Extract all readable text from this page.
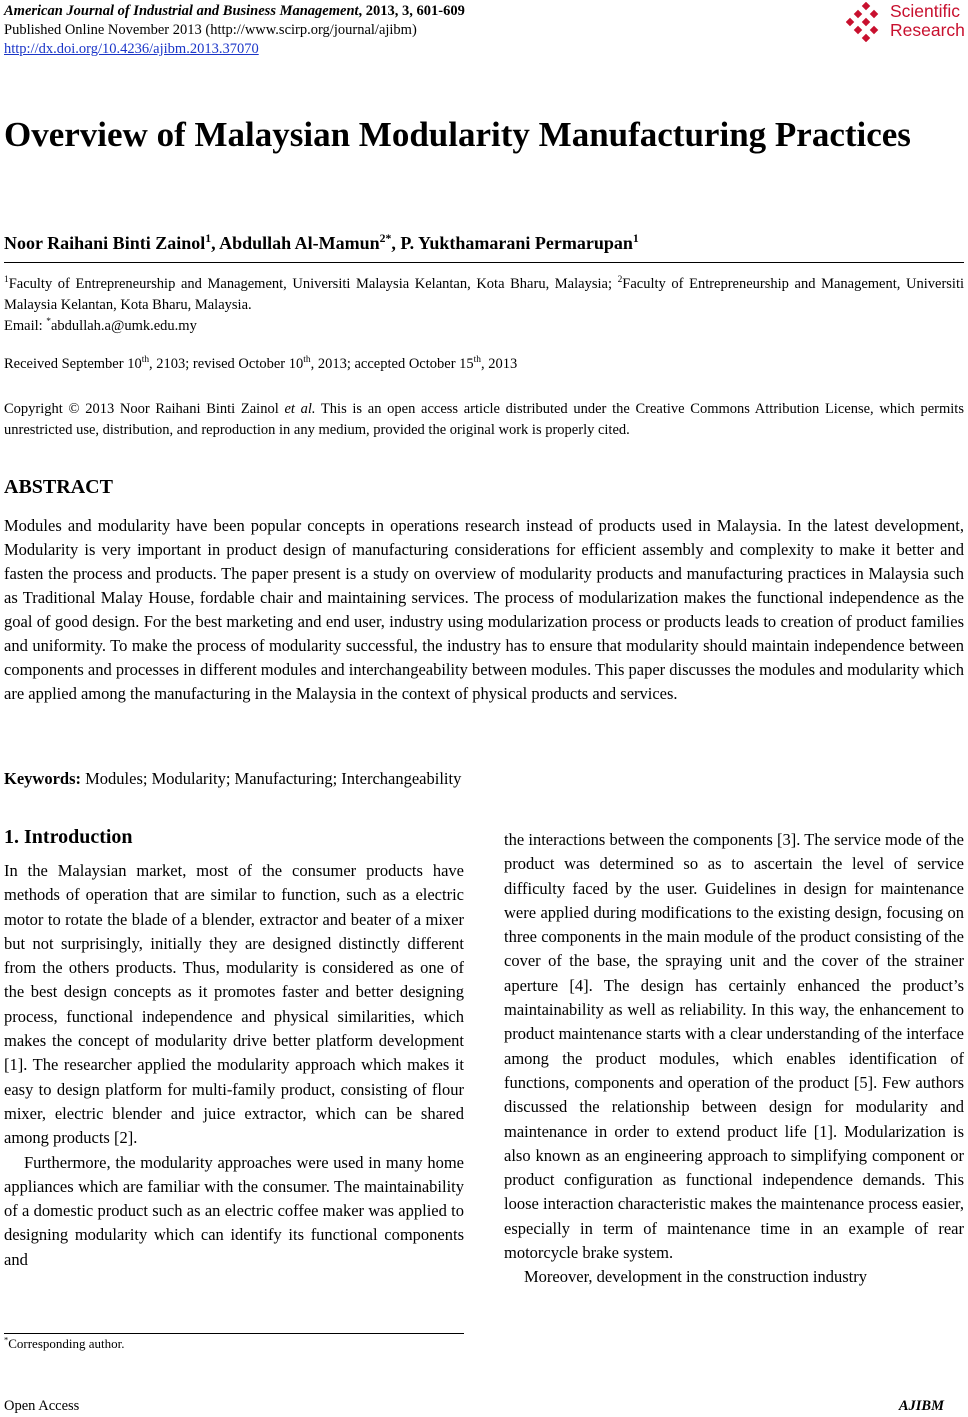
American Journal of Industrial and Business Management, 2013, 3, 601-609
Published Online November 2013 (http://www.scirp.org/journal/ajibm)
http://dx.doi.org/10.4236/ajibm.2013.37070
Scientific
Research
Overview of Malaysian Modularity Manufacturing Practices
Noor Raihani Binti Zainol$^1$, Abdullah Al-Mamun$^{2*}$, P. Yukthamarani Permarupan$^1$
$^1$Faculty of Entrepreneurship and Management, Universiti Malaysia Kelantan, Kota Bharu, Malaysia; $^2$Faculty of Entrepreneurship and Management, Universiti Malaysia Kelantan, Kota Bharu, Malaysia.
Email: *abdullah.a@umk.edu.my
Received September 10th, 2103; revised October 10th, 2013; accepted October 15th, 2013
Copyright © 2013 Noor Raihani Binti Zainol et al. This is an open access article distributed under the Creative Commons Attribution License, which permits unrestricted use, distribution, and reproduction in any medium, provided the original work is properly cited.
ABSTRACT
Modules and modularity have been popular concepts in operations research instead of products used in Malaysia. In the latest development, Modularity is very important in product design of manufacturing considerations for efficient assembly and complexity to make it better and fasten the process and products. The paper present is a study on overview of modularity products and manufacturing practices in Malaysia such as Traditional Malay House, fordable chair and maintaining services. The process of modularization makes the functional independence as the goal of good design. For the best marketing and end user, industry using modularization process or products leads to creation of product families and uniformity. To make the process of modularity successful, the industry has to ensure that modularity should maintain independence between components and processes in different modules and interchangeability between modules. This paper discusses the modules and modularity which are applied among the manufacturing in the Malaysia in the context of physical products and services.
Keywords: Modules; Modularity; Manufacturing; Interchangeability
1. Introduction

In the Malaysian market, most of the consumer products have methods of operation that are similar to function, such as a electric motor to rotate the blade of a blender, extractor and beater of a mixer but not surprisingly, initially they are designed distinctly different from the others products. Thus, modularity is considered as one of the best design concepts as it promotes faster and better designing process, functional independence and physical similarities, which makes the concept of modularity drive better platform development [1]. The researcher applied the modularity approach which makes it easy to design platform for multi-family product, consisting of flour mixer, electric blender and juice extractor, which can be shared among products [2].

Furthermore, the modularity approaches were used in many home appliances which are familiar with the consumer. The maintainability of a domestic product such as an electric coffee maker was applied to designing modularity which can identify its functional components and

the interactions between the components [3]. The service mode of the product was determined so as to ascertain the level of service difficulty faced by the user. Guidelines in design for maintenance were applied during modifications to the existing design, focusing on three components in the main module of the product consisting of the cover of the base, the spraying unit and the cover of the strainer aperture [4]. The design has certainly enhanced the product’s maintainability as well as reliability. In this way, the enhancement to product maintenance starts with a clear understanding of the interface among the product modules, which enables identification of functions, components and operation of the product [5]. Few authors discussed the relationship between design for modularity and maintenance in order to extend product life [1]. Modularization is also known as an engineering approach to simplifying component or product configuration as functional independence demands. This loose interaction characteristic makes the maintenance process easier, especially in term of maintenance time in an example of rear motorcycle brake system.

Moreover, development in the construction industry

*Corresponding author.
Open Access	AJIBM
